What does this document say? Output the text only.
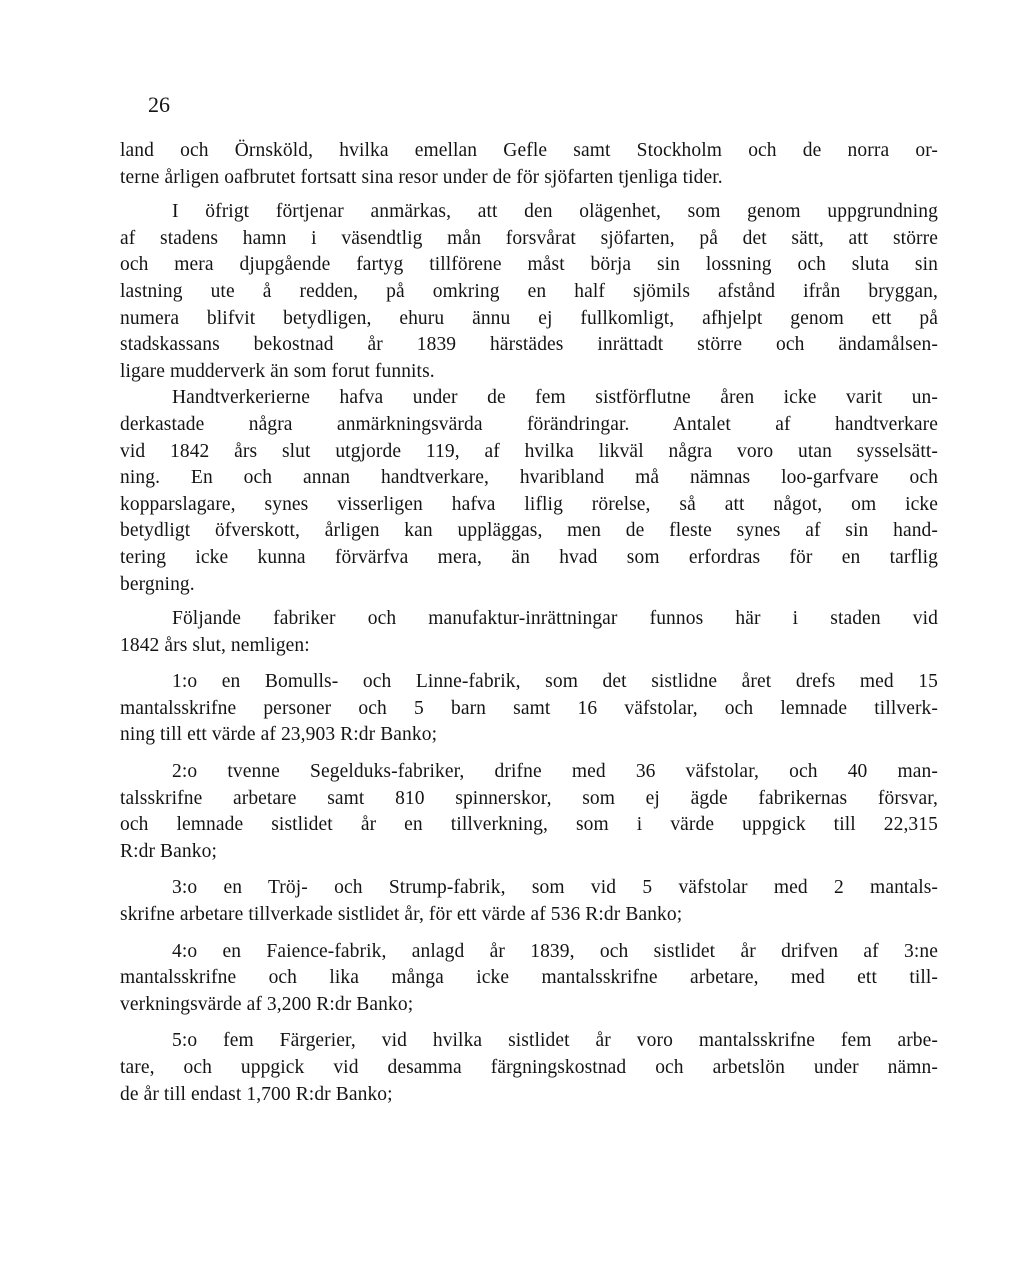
26
land och Örnsköld, hvilka emellan Gefle samt Stockholm och de norra or-
terne årligen oafbrutet fortsatt sina resor under de för sjöfarten tjenliga tider.
I öfrigt förtjenar anmärkas, att den olägenhet, som genom uppgrundning
af stadens hamn i väsendtlig mån forsvårat sjöfarten, på det sätt, att större
och mera djupgående fartyg tillförene måst börja sin lossning och sluta sin
lastning ute å redden, på omkring en half sjömils afstånd ifrån bryggan,
numera blifvit betydligen, ehuru ännu ej fullkomligt, afhjelpt genom ett på
stadskassans bekostnad år 1839 härstädes inrättadt större och ändamålsen-
ligare mudderverk än som forut funnits.
Handtverkerierne hafva under de fem sistförflutne åren icke varit un-
derkastade några anmärkningsvärda förändringar. Antalet af handtverkare
vid 1842 års slut utgjorde 119, af hvilka likväl några voro utan sysselsätt-
ning. En och annan handtverkare, hvaribland må nämnas loo-garfvare och
kopparslagare, synes visserligen hafva liflig rörelse, så att något, om icke
betydligt öfverskott, årligen kan uppläggas, men de fleste synes af sin hand-
tering icke kunna förvärfva mera, än hvad som erfordras för en tarflig
bergning.
Följande fabriker och manufaktur-inrättningar funnos här i staden vid
1842 års slut, nemligen:
1:o en Bomulls- och Linne-fabrik, som det sistlidne året drefs med 15
mantalsskrifne personer och 5 barn samt 16 väfstolar, och lemnade tillverk-
ning till ett värde af 23,903 R:dr Banko;
2:o tvenne Segelduks-fabriker, drifne med 36 väfstolar, och 40 man-
talsskrifne arbetare samt 810 spinnerskor, som ej ägde fabrikernas försvar,
och lemnade sistlidet år en tillverkning, som i värde uppgick till 22,315
R:dr Banko;
3:o en Tröj- och Strump-fabrik, som vid 5 väfstolar med 2 mantals-
skrifne arbetare tillverkade sistlidet år, för ett värde af 536 R:dr Banko;
4:o en Faience-fabrik, anlagd år 1839, och sistlidet år drifven af 3:ne
mantalsskrifne och lika många icke mantalsskrifne arbetare, med ett till-
verkningsvärde af 3,200 R:dr Banko;
5:o fem Färgerier, vid hvilka sistlidet år voro mantalsskrifne fem arbe-
tare, och uppgick vid desamma färgningskostnad och arbetslön under nämn-
de år till endast 1,700 R:dr Banko;
